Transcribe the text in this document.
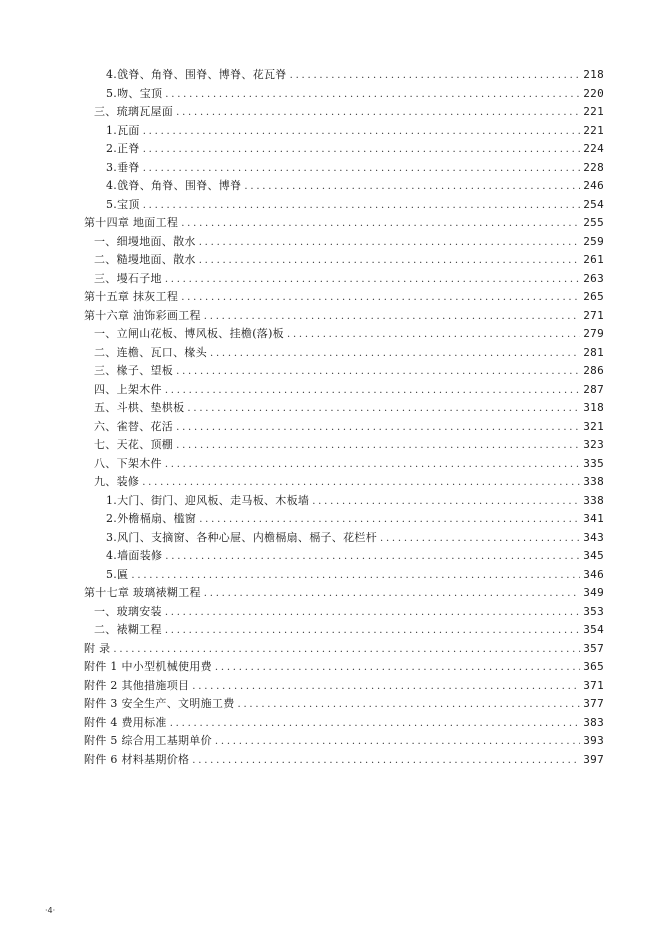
4.戗脊、角脊、围脊、博脊、花瓦脊 . . .	218
5.吻、宝顶 . . .	220
三、琉璃瓦屋面 . . .	221
1.瓦面 . . .	221
2.正脊 . . .	224
3.垂脊 . . .	228
4.戗脊、角脊、围脊、博脊 . . .	246
5.宝顶 . . .	254
第十四章 地面工程 . . .	255
一、细墁地面、散水 . . .	259
二、糙墁地面、散水 . . .	261
三、墁石子地 . . .	263
第十五章 抹灰工程 . . .	265
第十六章 油饰彩画工程 . . .	271
一、立闸山花板、博风板、挂檐(落)板 . . .	279
二、连檐、瓦口、椽头 . . .	281
三、椽子、望板 . . .	286
四、上架木件 . . .	287
五、斗栱、垫栱板 . . .	318
六、雀替、花活 . . .	321
七、天花、顶棚 . . .	323
八、下架木件 . . .	335
九、装修 . . .	338
1.大门、街门、迎风板、走马板、木板墙 . . .	338
2.外檐槅扇、槛窗 . . .	341
3.风门、支摘窗、各种心屉、内檐槅扇、槅子、花栏杆 . . .	343
4.墙面装修 . . .	345
5.匾 . . .	346
第十七章 玻璃裱糊工程 . . .	349
一、玻璃安装 . . .	353
二、裱糊工程 . . .	354
附 录 . . .	357
附件 1 中小型机械使用费 . . .	365
附件 2 其他措施项目 . . .	371
附件 3 安全生产、文明施工费 . . .	377
附件 4 费用标准 . . .	383
附件 5 综合用工基期单价 . . .	393
附件 6 材料基期价格 . . .	397
·4·
